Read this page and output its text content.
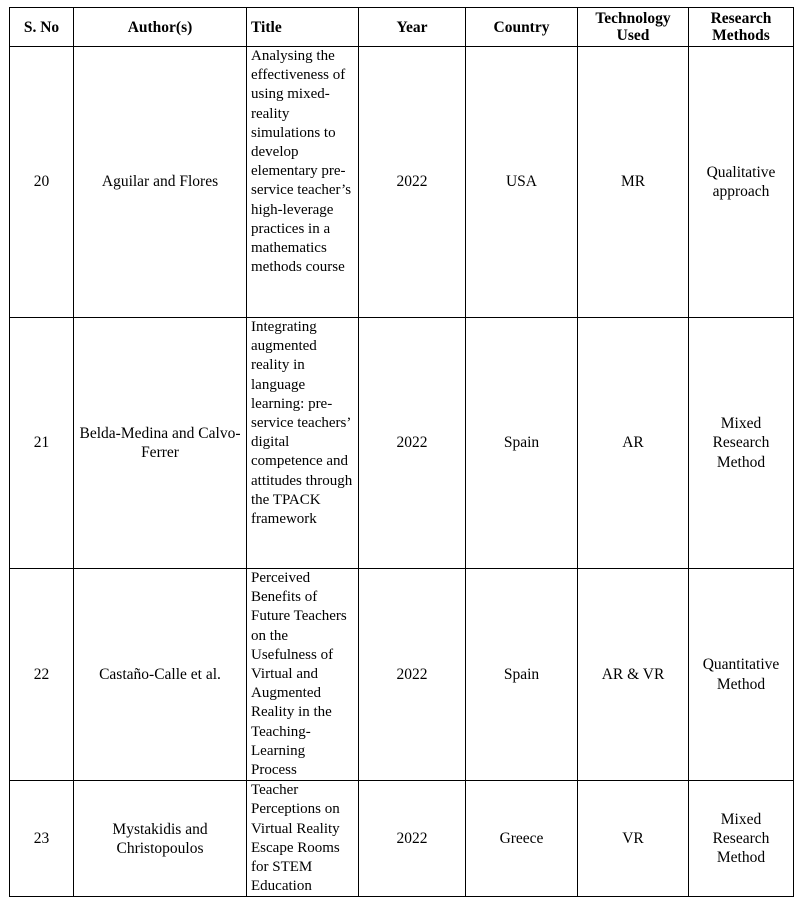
S. No	Author(s)	Title	Year	Country	Technology Used	Research Methods
20	Aguilar and Flores	Analysing the effectiveness of using mixed-reality simulations to develop elementary pre-service teacher’s high-leverage practices in a mathematics methods course	2022	USA	MR	Qualitative approach
21	Belda-Medina and Calvo-Ferrer	Integrating augmented reality in language learning: pre-service teachers’ digital competence and attitudes through the TPACK framework	2022	Spain	AR	Mixed Research Method
22	Castaño-Calle et al.	Perceived Benefits of Future Teachers on the Usefulness of Virtual and Augmented Reality in the Teaching-Learning Process	2022	Spain	AR & VR	Quantitative Method
23	Mystakidis and Christopoulos	Teacher Perceptions on Virtual Reality Escape Rooms for STEM Education	2022	Greece	VR	Mixed Research Method
